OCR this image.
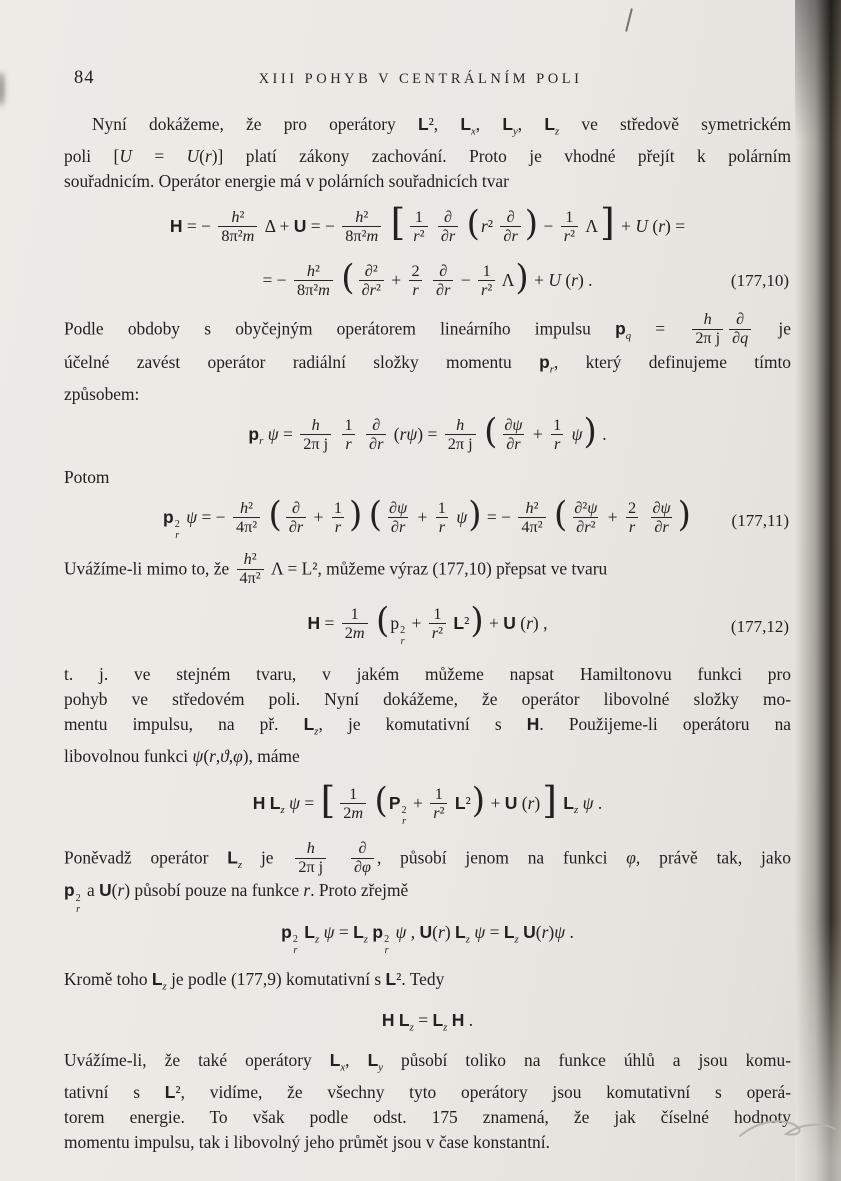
84	XIII POHYB V CENTRÁLNÍM POLI
Nyní dokážeme, že pro operátory L², $L_x$, $L_y$, $L_z$ ve středově symetrickém
poli [U = U(r)] platí zákony zachování. Proto je vhodné přejít k polárním
souřadnicím. Operátor energie má v polárních souřadnicích tvar
H = − $\frac{\text{h²}}{\text{8π²m}}$ Δ + U = − $\frac{\text{h²}}{\text{8π²m}}$ [ $\frac{1}{\text{r²}}$
∂
∂r (r² ∂
∂r ) − $\frac{1}{\text{r²}} \Lambda] + U$ (r) =
= − $\frac{\text{h²}}{\text{8π²m}}$ ( ∂²
∂r²
+ $\frac{2}{r}$
∂
∂r
− $\frac{1}{\text{r²}} \Lambda) + U$ (r) .	(177,10)
Podle obdoby s obyčejným operátorem lineárního impulsu $p_q = \frac{h}{\text{2π j}}$ ∂
∂q je
účelné zavést operátor radiální složky momentu $p_r$, který definujeme tímto
způsobem:
$p_r$ $\psi = \frac{h}{\text{2π j}}$
$\frac{1}{r}$
∂
∂r
$(r\psi) = \frac{h}{\text{2π j}}$ ( $\frac{\partial\psi}{\partial r} + \frac{1}{r} \psi$) .
Potom
p 2
r
ψ = − $\frac{\text{h²}}{\text{4π²}}$ ( ∂
∂r
+ $\frac{1}{r}$ ) ( $\frac{\partial\psi}{\partial r} + \frac{1}{r} \psi$) = − $\frac{\text{h²}}{\text{4π²}}$ ( $\frac{\text{∂²ψ}}{\text{∂r²}} + \frac{2}{r}$
$\frac{\partial\psi}{\partial r}$ ) (177,11)
Uvážíme-li mimo to, že $\frac{\text{h²}}{\text{4π²}}$ Λ = L², můžeme výraz (177,10) přepsat ve tvaru
$H = \frac{1}{2m} (p$ 2
r
+ $\frac{1}{\text{r²}} L^2) + U$ (r) ,	(177,12)
t. j. ve stejném tvaru, v jakém můžeme napsat Hamiltonovu funkci pro
pohyb ve středovém poli. Nyní dokážeme, že operátor libovolné složky mo-
mentu impulsu, na př. $L_z$, je komutativní s H. Použijeme-li operátoru na
libovolnou funkci ψ(r,ϑ,φ), máme
H $L_z$ ψ = [ $\frac{1}{2m} (P$ 2
r
+ $\frac{1}{\text{r²}} L^2) + U$ (r)] $L_z$ ψ .
Poněvadž operátor $L_z$ je $\frac{h}{\text{2π j}}$
∂
∂φ , působí jenom na funkci φ, právě tak, jako
p 2
r
a U(r) působí pouze na funkce r. Proto zřejmě
p 2
r
$L_z$ $\psi = L_z$ p 2
r
ψ , U(r) $L_z$ $\psi = L_z$ U(r)ψ .
Kromě toho $L_z$ je podle (177,9) komutativní s L². Tedy
H $L_z = L_z$ H .
Uvážíme-li, že také operátory $L_x$, $L_y$ působí toliko na funkce úhlů a jsou komu-
tativní s L², vidíme, že všechny tyto operátory jsou komutativní s operá-
torem energie. To však podle odst. 175 znamená, že jak číselné hodnoty
momentu impulsu, tak i libovolný jeho průmět jsou v čase konstantní.
